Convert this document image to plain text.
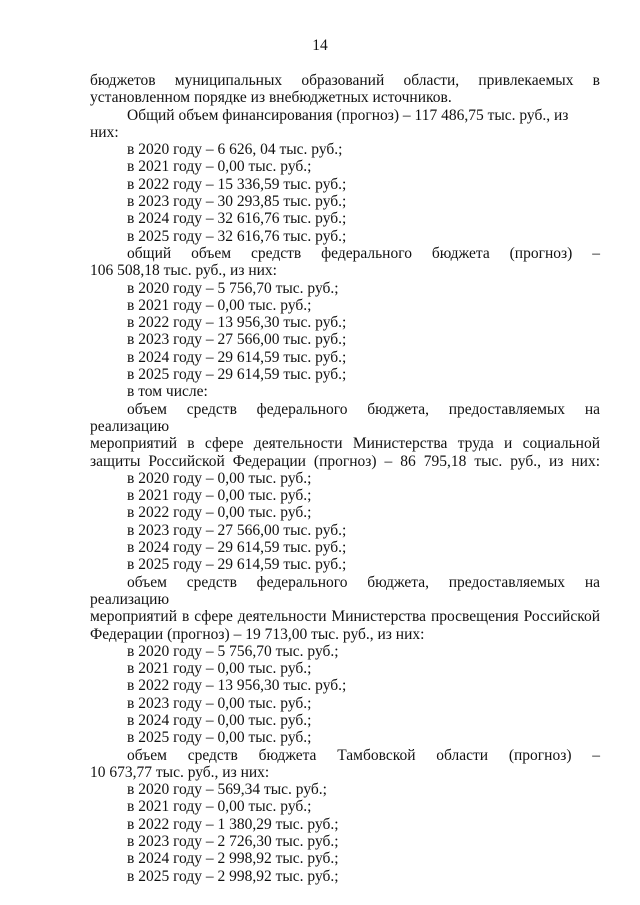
14

бюджетов муниципальных образований области, привлекаемых в

установленном порядке из внебюджетных источников.

Общий объем финансирования (прогноз) – 117 486,75 тыс. руб., из них:

в 2020 году – 6 626, 04 тыс. руб.;

в 2021 году – 0,00 тыс. руб.;

в 2022 году – 15 336,59 тыс. руб.;

в 2023 году – 30 293,85 тыс. руб.;

в 2024 году – 32 616,76 тыс. руб.;

в 2025 году – 32 616,76 тыс. руб.;

общий объем средств федерального бюджета (прогноз) –

106 508,18 тыс. руб., из них:

в 2020 году – 5 756,70 тыс. руб.;

в 2021 году – 0,00 тыс. руб.;

в 2022 году – 13 956,30 тыс. руб.;

в 2023 году – 27 566,00 тыс. руб.;

в 2024 году – 29 614,59 тыс. руб.;

в 2025 году – 29 614,59 тыс. руб.;

в том числе:

объем средств федерального бюджета, предоставляемых на реализацию

мероприятий в сфере деятельности Министерства труда и социальной

защиты Российской Федерации (прогноз) – 86 795,18 тыс. руб., из них:

в 2020 году – 0,00 тыс. руб.;

в 2021 году – 0,00 тыс. руб.;

в 2022 году – 0,00 тыс. руб.;

в 2023 году – 27 566,00 тыс. руб.;

в 2024 году – 29 614,59 тыс. руб.;

в 2025 году – 29 614,59 тыс. руб.;

объем средств федерального бюджета, предоставляемых на реализацию

мероприятий в сфере деятельности Министерства просвещения Российской

Федерации (прогноз) – 19 713,00 тыс. руб., из них:

в 2020 году – 5 756,70 тыс. руб.;

в 2021 году – 0,00 тыс. руб.;

в 2022 году – 13 956,30 тыс. руб.;

в 2023 году – 0,00 тыс. руб.;

в 2024 году – 0,00 тыс. руб.;

в 2025 году – 0,00 тыс. руб.;

объем средств бюджета Тамбовской области (прогноз) –

10 673,77 тыс. руб., из них:

в 2020 году – 569,34 тыс. руб.;

в 2021 году – 0,00 тыс. руб.;

в 2022 году – 1 380,29 тыс. руб.;

в 2023 году – 2 726,30 тыс. руб.;

в 2024 году – 2 998,92 тыс. руб.;

в 2025 году – 2 998,92 тыс. руб.;
